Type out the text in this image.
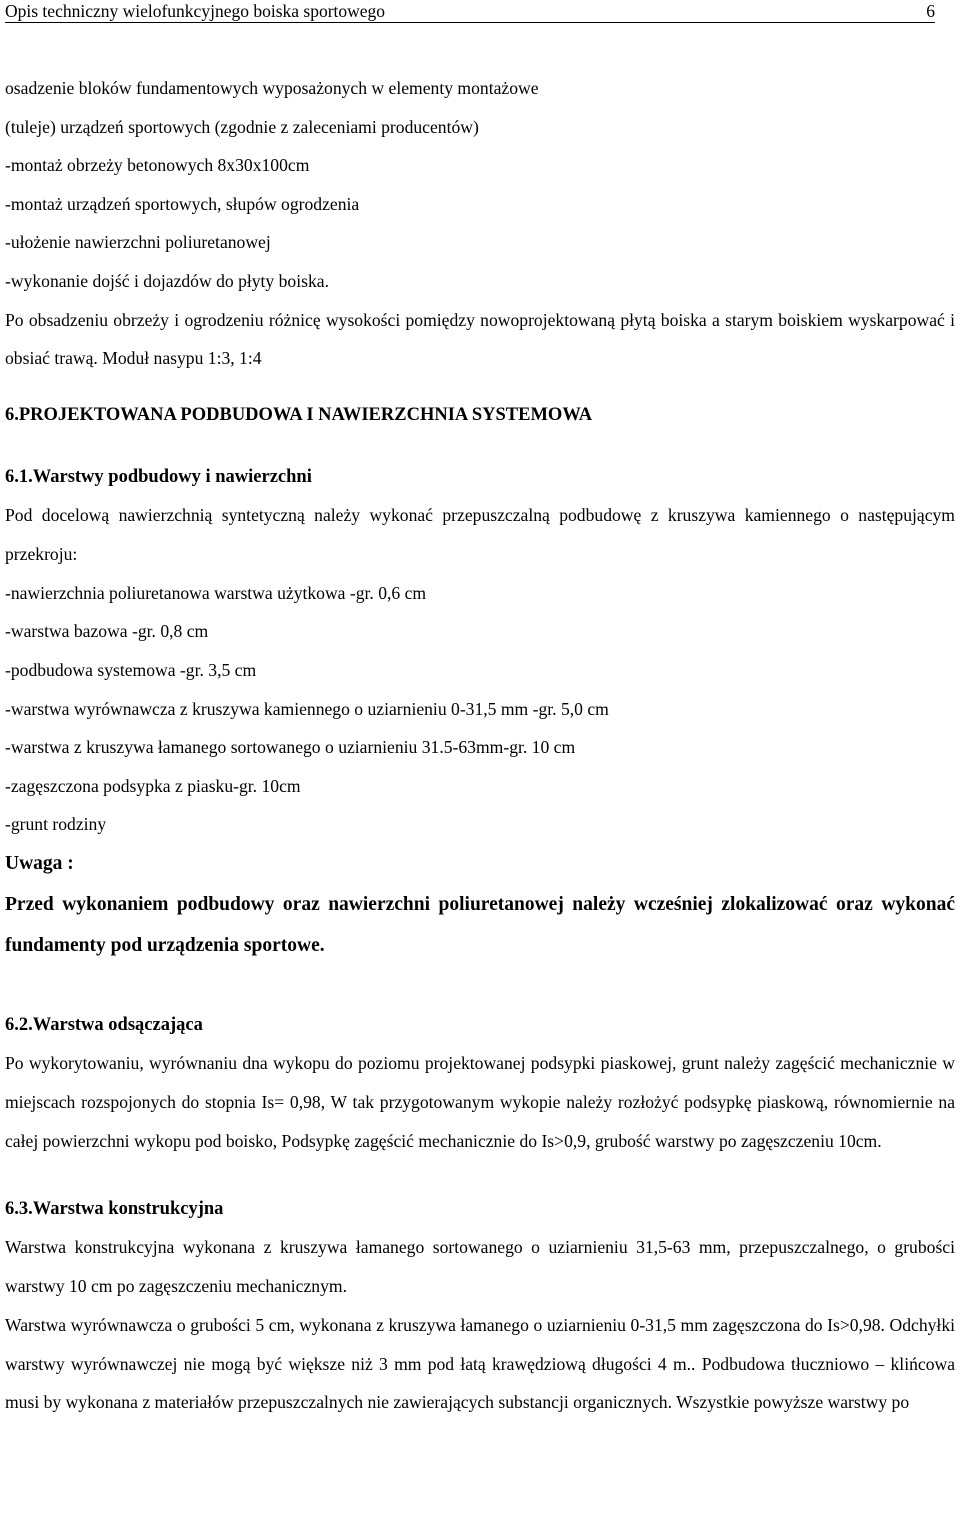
Opis techniczny wielofunkcyjnego boiska sportowego	6
osadzenie bloków fundamentowych wyposażonych w elementy montażowe
(tuleje) urządzeń sportowych (zgodnie z zaleceniami producentów)
-montaż obrzeży betonowych 8x30x100cm
-montaż urządzeń sportowych, słupów ogrodzenia
-ułożenie nawierzchni poliuretanowej
-wykonanie dojść i dojazdów do płyty boiska.
Po obsadzeniu obrzeży i ogrodzeniu różnicę wysokości pomiędzy nowoprojektowaną płytą boiska a starym boiskiem wyskarpować i obsiać trawą. Moduł nasypu 1:3, 1:4
6.PROJEKTOWANA PODBUDOWA I NAWIERZCHNIA SYSTEMOWA
6.1.Warstwy podbudowy i nawierzchni
Pod docelową nawierzchnią syntetyczną należy wykonać przepuszczalną podbudowę z kruszywa kamiennego o następującym przekroju:
-nawierzchnia poliuretanowa warstwa użytkowa -gr. 0,6 cm
-warstwa bazowa -gr. 0,8 cm
-podbudowa systemowa -gr. 3,5 cm
-warstwa wyrównawcza z kruszywa kamiennego o uziarnieniu 0-31,5 mm -gr. 5,0 cm
-warstwa z kruszywa łamanego sortowanego o uziarnieniu 31.5-63mm-gr. 10 cm
-zagęszczona podsypka z piasku-gr. 10cm
-grunt rodziny
Uwaga :
Przed wykonaniem podbudowy oraz nawierzchni poliuretanowej należy wcześniej zlokalizować oraz wykonać fundamenty pod urządzenia sportowe.
6.2.Warstwa odsączająca
Po wykorytowaniu, wyrównaniu dna wykopu do poziomu projektowanej podsypki piaskowej, grunt należy zagęścić mechanicznie w miejscach rozspojonych do stopnia Is= 0,98, W tak przygotowanym wykopie należy rozłożyć podsypkę piaskową, równomiernie na całej powierzchni wykopu pod boisko, Podsypkę zagęścić mechanicznie do Is>0,9, grubość warstwy po zagęszczeniu 10cm.
6.3.Warstwa konstrukcyjna
Warstwa konstrukcyjna wykonana z kruszywa łamanego sortowanego o uziarnieniu 31,5-63 mm, przepuszczalnego, o grubości warstwy 10 cm po zagęszczeniu mechanicznym.
Warstwa wyrównawcza o grubości 5 cm, wykonana z kruszywa łamanego o uziarnieniu 0-31,5 mm zagęszczona do Is>0,98. Odchyłki warstwy wyrównawczej nie mogą być większe niż 3 mm pod łatą krawędziową długości 4 m.. Podbudowa tłuczniowo – klińcowa musi by wykonana z materiałów przepuszczalnych nie zawierających substancji organicznych. Wszystkie powyższe warstwy po
